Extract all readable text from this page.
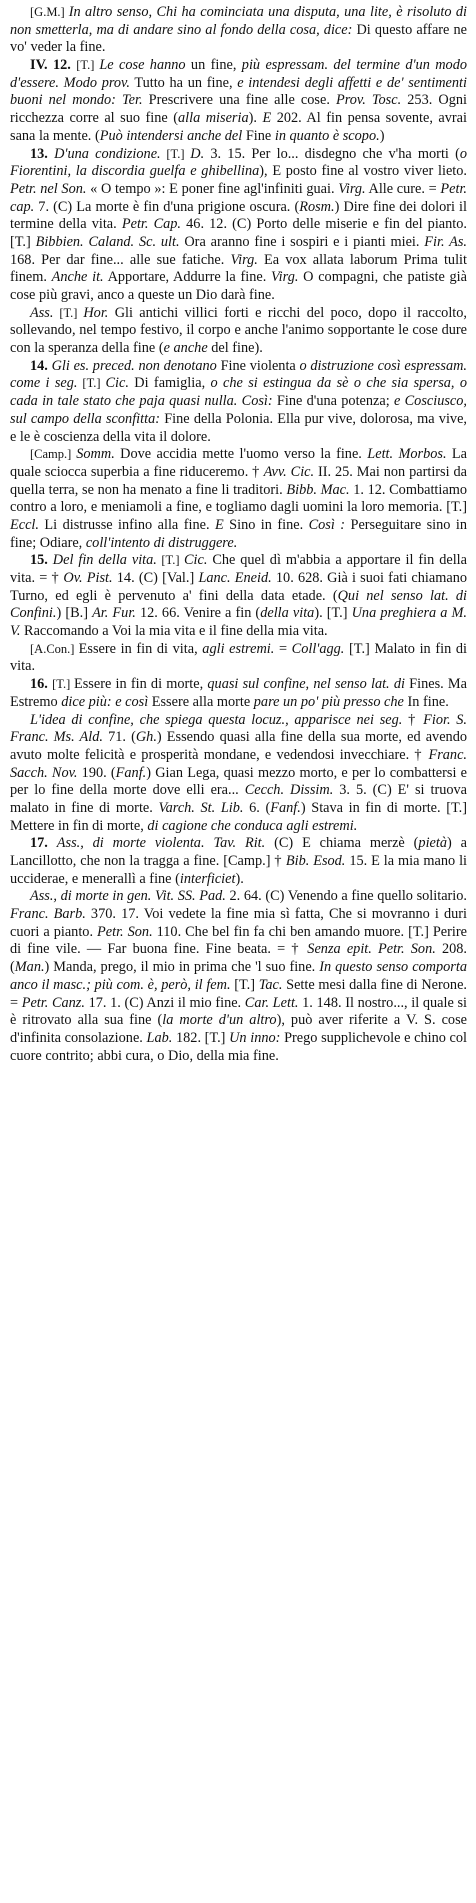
[G.M.] In altro senso, Chi ha cominciata una disputa, una lite, è risoluto di non smetterla, ma di andare sino al fondo della cosa, dice: Di questo affare ne vo' veder la fine.

IV. 12. [T.] Le cose hanno un fine, più espressam. del termine d'un modo d'essere. Modo prov. Tutto ha un fine, e intendesi degli affetti e de' sentimenti buoni nel mondo: Ter. Prescrivere una fine alle cose. Prov. Tosc. 253. Ogni ricchezza corre al suo fine (alla miseria). E 202. Al fin pensa sovente, avrai sana la mente. (Può intendersi anche del Fine in quanto è scopo.)

13. D'una condizione. [T.] D. 3. 15. Per lo... disdegno che v'ha morti (o Fiorentini, la discordia guelfa e ghibellina), E posto fine al vostro viver lieto. Petr. nel Son. « O tempo »: E poner fine agl'infiniti guai. Virg. Alle cure. = Petr. cap. 7. (C) La morte è fin d'una prigione oscura. (Rosm.) Dire fine dei dolori il termine della vita. Petr. Cap. 46. 12. (C) Porto delle miserie e fin del pianto. [T.] Bibbien. Caland. Sc. ult. Ora aranno fine i sospiri e i pianti miei. Fir. As. 168. Per dar fine... alle sue fatiche. Virg. Ea vox allata laborum Prima tulit finem. Anche it. Apportare, Addurre la fine. Virg. O compagni, che patiste già cose più gravi, anco a queste un Dio darà fine.

Ass. [T.] Hor. Gli antichi villici forti e ricchi del poco, dopo il raccolto, sollevando, nel tempo festivo, il corpo e anche l'animo sopportante le cose dure con la speranza della fine (e anche del fine).

14. Gli es. preced. non denotano Fine violenta o distruzione così espressam. come i seg. [T.] Cic. Di famiglia, o che si estingua da sè o che sia spersa, o cada in tale stato che paja quasi nulla. Così: Fine d'una potenza; e Cosciusco, sul campo della sconfitta: Fine della Polonia. Ella pur vive, dolorosa, ma vive, e le è coscienza della vita il dolore.

[Camp.] Somm. Dove accidia mette l'uomo verso la fine. Lett. Morbos. La quale sciocca superbia a fine riduceremo. † Avv. Cic. II. 25. Mai non partirsi da quella terra, se non ha menato a fine li traditori. Bibb. Mac. 1. 12. Combattiamo contro a loro, e meniamoli a fine, e togliamo dagli uomini la loro memoria. [T.] Eccl. Li distrusse infino alla fine. E Sino in fine. Così : Perseguitare sino in fine; Odiare, coll'intento di distruggere.

15. Del fin della vita. [T.] Cic. Che quel dì m'abbia a apportare il fin della vita. = † Ov. Pist. 14. (C) [Val.] Lanc. Eneid. 10. 628. Già i suoi fati chiamano Turno, ed egli è pervenuto a' fini della data etade. (Qui nel senso lat. di Confini.) [B.] Ar. Fur. 12. 66. Venire a fin (della vita). [T.] Una preghiera a M. V. Raccomando a Voi la mia vita e il fine della mia vita.

[A.Con.] Essere in fin di vita, agli estremi. = Coll'agg. [T.] Malato in fin di vita.

16. [T.] Essere in fin di morte, quasi sul confine, nel senso lat. di Fines. Ma Estremo dice più: e così Essere alla morte pare un po' più presso che In fine.

L'idea di confine, che spiega questa locuz., apparisce nei seg. † Fior. S. Franc. Ms. Ald. 71. (Gh.) Essendo quasi alla fine della sua morte, ed avendo avuto molte felicità e prosperità mondane, e vedendosi invecchiare. † Franc. Sacch. Nov. 190. (Fanf.) Gian Lega, quasi mezzo morto, e per lo combattersi e per lo fine della morte dove elli era... Cecch. Dissim. 3. 5. (C) E' si truova malato in fine di morte. Varch. St. Lib. 6. (Fanf.) Stava in fin di morte. [T.] Mettere in fin di morte, di cagione che conduca agli estremi.

17. Ass., di morte violenta. Tav. Rit. (C) E chiama merzè (pietà) a Lancillotto, che non la tragga a fine. [Camp.] † Bib. Esod. 15. E la mia mano li ucciderae, e menerallì a fine (interficiet).

Ass., di morte in gen. Vit. SS. Pad. 2. 64. (C) Venendo a fine quello solitario. Franc. Barb. 370. 17. Voi vedete la fine mia sì fatta, Che si movranno i duri cuori a pianto. Petr. Son. 110. Che bel fin fa chi ben amando muore. [T.] Perire di fine vile. — Far buona fine. Fine beata. = † Senza epit. Petr. Son. 208. (Man.) Manda, prego, il mio in prima che 'l suo fine. In questo senso comporta anco il masc.; più com. è, però, il fem. [T.] Tac. Sette mesi dalla fine di Nerone. = Petr. Canz. 17. 1. (C) Anzi il mio fine. Car. Lett. 1. 148. Il nostro..., il quale si è ritrovato alla sua fine (la morte d'un altro), può aver riferite a V. S. cose d'infinita consolazione. Lab. 182. [T.] Un inno: Prego supplichevole e chino col cuore contrito; abbi cura, o Dio, della mia fine.
